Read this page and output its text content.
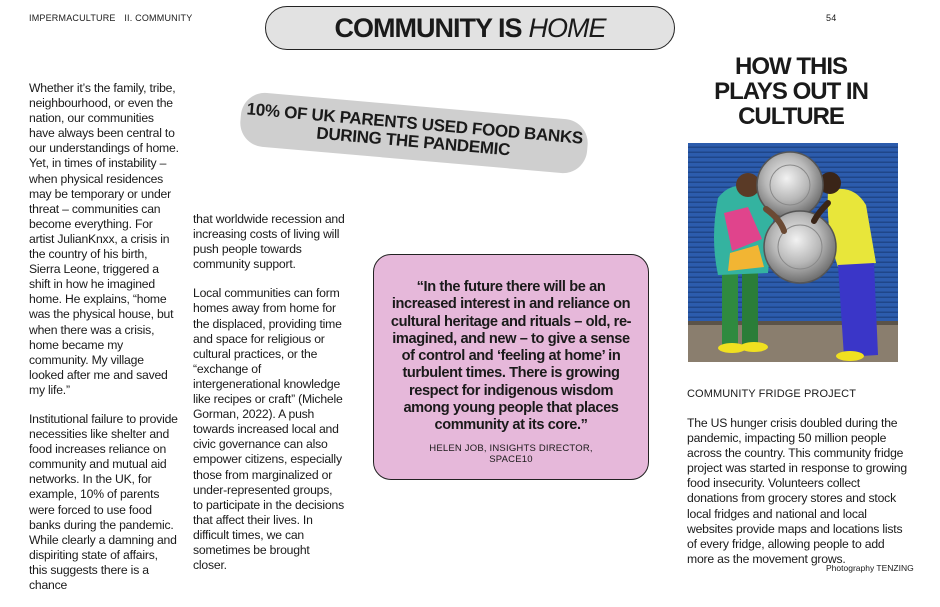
IMPERMACULTURE II. COMMUNITY	54
COMMUNITY IS HOME
10% OF UK PARENTS USED FOOD BANKS DURING THE PANDEMIC

Whether it’s the family, tribe, neighbourhood, or even the nation, our communities have always been central to our understandings of home. Yet, in times of instability – when physical residences may be temporary or under threat – communities can become everything. For artist JulianKnxx, a crisis in the country of his birth, Sierra Leone, triggered a shift in how he imagined home. He explains, “home was the physical house, but when there was a crisis, home became my community. My village looked after me and saved my life.”

Institutional failure to provide necessities like shelter and food increases reliance on community and mutual aid networks. In the UK, for example, 10% of parents were forced to use food banks during the pandemic. While clearly a damning and dispiriting state of affairs, this suggests there is a chance

that worldwide recession and increasing costs of living will push people towards community support.

Local communities can form homes away from home for the displaced, providing time and space for religious or cultural practices, or the “exchange of intergenerational knowledge like recipes or craft” (Michele Gorman, 2022). A push towards increased local and civic governance can also empower citizens, especially those from marginalized or under-represented groups, to participate in the decisions that affect their lives. In difficult times, we can sometimes be brought closer.

“In the future there will be an increased interest in and reliance on cultural heritage and rituals – old, re-imagined, and new – to give a sense of control and ‘feeling at home’ in turbulent times. There is growing respect for indigenous wisdom among young people that places community at its core.”
HELEN JOB, INSIGHTS DIRECTOR, SPACE10
HOW THIS PLAYS OUT IN CULTURE
COMMUNITY FRIDGE PROJECT

The US hunger crisis doubled during the pandemic, impacting 50 million people across the country. This community fridge project was started in response to growing food insecurity. Volunteers collect donations from grocery stores and stock local fridges and national and local websites provide maps and locations lists of every fridge, allowing people to add more as the movement grows.

Photography TENZING
